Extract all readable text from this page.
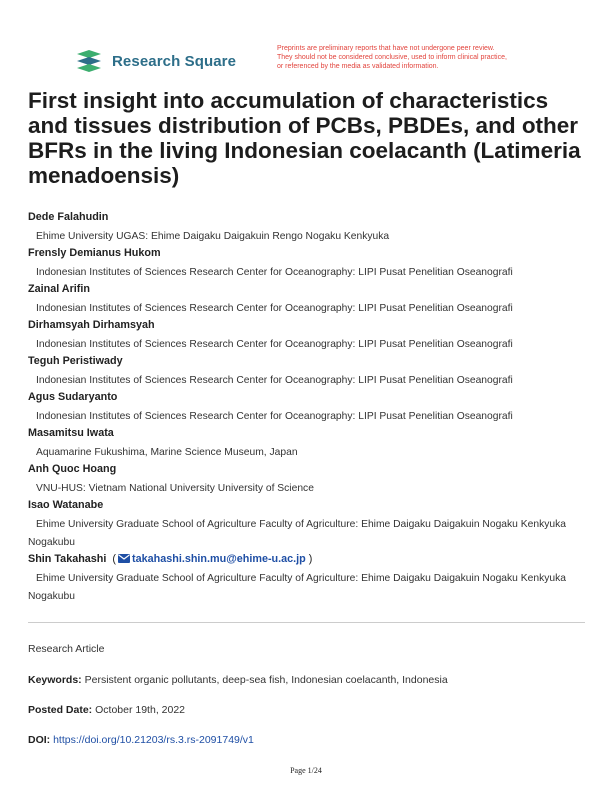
Research Square
Preprints are preliminary reports that have not undergone peer review.
They should not be considered conclusive, used to inform clinical practice,
or referenced by the media as validated information.
First insight into accumulation of characteristics and tissues distribution of PCBs, PBDEs, and other BFRs in the living Indonesian coelacanth (Latimeria menadoensis)
Dede Falahudin
Ehime University UGAS: Ehime Daigaku Daigakuin Rengo Nogaku Kenkyuka
Frensly Demianus Hukom
Indonesian Institutes of Sciences Research Center for Oceanography: LIPI Pusat Penelitian Oseanografi
Zainal Arifin
Indonesian Institutes of Sciences Research Center for Oceanography: LIPI Pusat Penelitian Oseanografi
Dirhamsyah Dirhamsyah
Indonesian Institutes of Sciences Research Center for Oceanography: LIPI Pusat Penelitian Oseanografi
Teguh Peristiwady
Indonesian Institutes of Sciences Research Center for Oceanography: LIPI Pusat Penelitian Oseanografi
Agus Sudaryanto
Indonesian Institutes of Sciences Research Center for Oceanography: LIPI Pusat Penelitian Oseanografi
Masamitsu Iwata
Aquamarine Fukushima, Marine Science Museum, Japan
Anh Quoc Hoang
VNU-HUS: Vietnam National University University of Science
Isao Watanabe
Ehime University Graduate School of Agriculture Faculty of Agriculture: Ehime Daigaku Daigakuin Nogaku Kenkyuka Nogakubu
Shin Takahashi  ( takahashi.shin.mu@ehime-u.ac.jp )
Ehime University Graduate School of Agriculture Faculty of Agriculture: Ehime Daigaku Daigakuin Nogaku Kenkyuka Nogakubu
Research Article
Keywords: Persistent organic pollutants, deep-sea fish, Indonesian coelacanth, Indonesia
Posted Date: October 19th, 2022
DOI: https://doi.org/10.21203/rs.3.rs-2091749/v1
Page 1/24
